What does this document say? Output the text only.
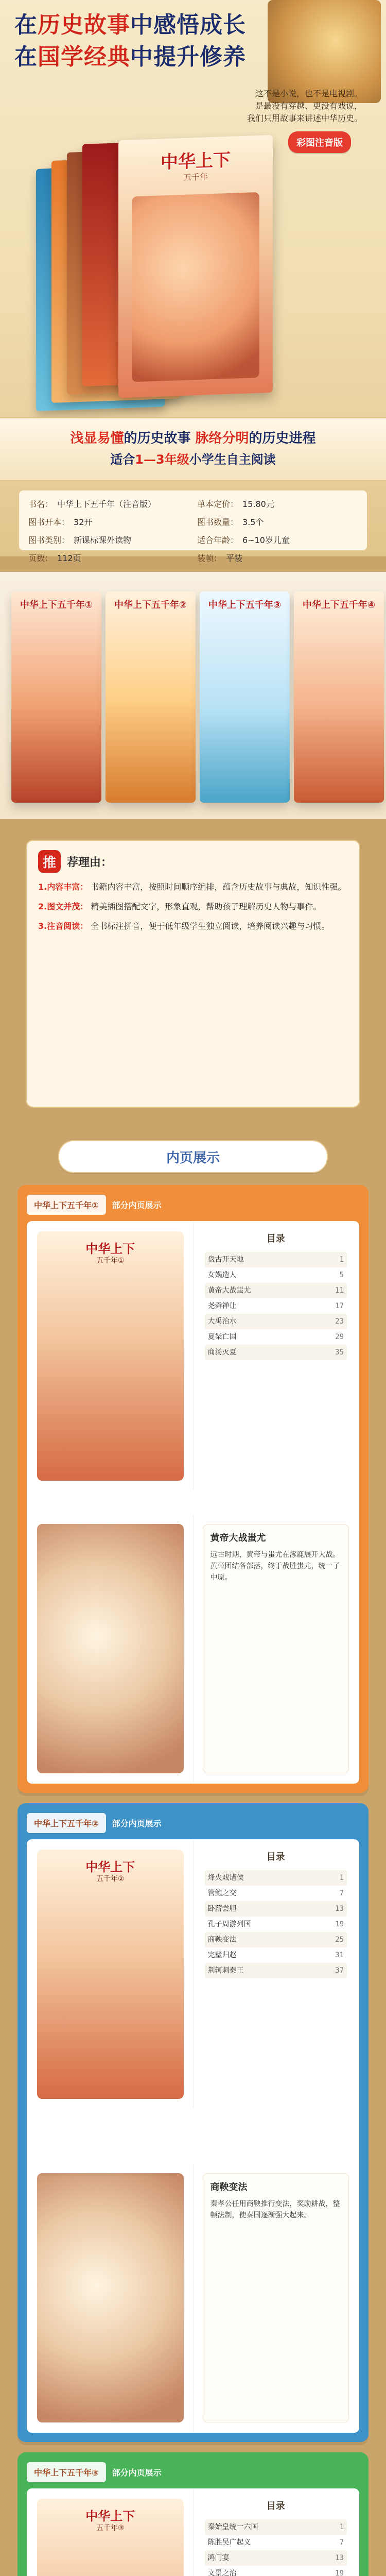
在历史故事中感悟成长
在国学经典中提升修养
这不是小说，也不是电视剧。
是最没有穿越、更没有戏说，
我们只用故事来讲述中华历史。
彩图注音版
中华上下
五千年
浅显易懂的历史故事 脉络分明的历史进程
适合1—3年级小学生自主阅读
书名： 中华上下五千年（注音版）	单本定价： 15.80元
图书开本： 32开	图书数量： 3.5个
图书类别： 新课标课外读物	适合年龄： 6~10岁儿童
页数： 112页	装帧： 平装
中华上下五千年①	中华上下五千年②	中华上下五千年③	中华上下五千年④
推 荐理由：
1.内容丰富： 书籍内容丰富，按照时间顺序编排，蕴含历史故事与典故，知识性强。
2.图文并茂： 精美插图搭配文字，形象直观，帮助孩子理解历史人物与事件。
3.注音阅读： 全书标注拼音，便于低年级学生独立阅读，培养阅读兴趣与习惯。
内页展示
中华上下五千年①	部分内页展示
中华上下
五千年①
目录
盘古开天地	1
女娲造人	5
黄帝大战蚩尤	11
尧舜禅让	17
大禹治水	23
夏桀亡国	29
商汤灭夏	35
黄帝大战蚩尤
远古时期，黄帝与蚩尤在涿鹿展开大战。黄帝团结各部落，终于战胜蚩尤，统一了中原。
中华上下五千年②	部分内页展示
中华上下
五千年②
目录
烽火戏诸侯	1
管鲍之交	7
卧薪尝胆	13
孔子周游列国	19
商鞅变法	25
完璧归赵	31
荆轲刺秦王	37
商鞅变法
秦孝公任用商鞅推行变法，奖励耕战，整顿法制，使秦国逐渐强大起来。
中华上下五千年③	部分内页展示
中华上下
五千年③
目录
秦始皇统一六国	1
陈胜吴广起义	7
鸿门宴	13
文景之治	19
